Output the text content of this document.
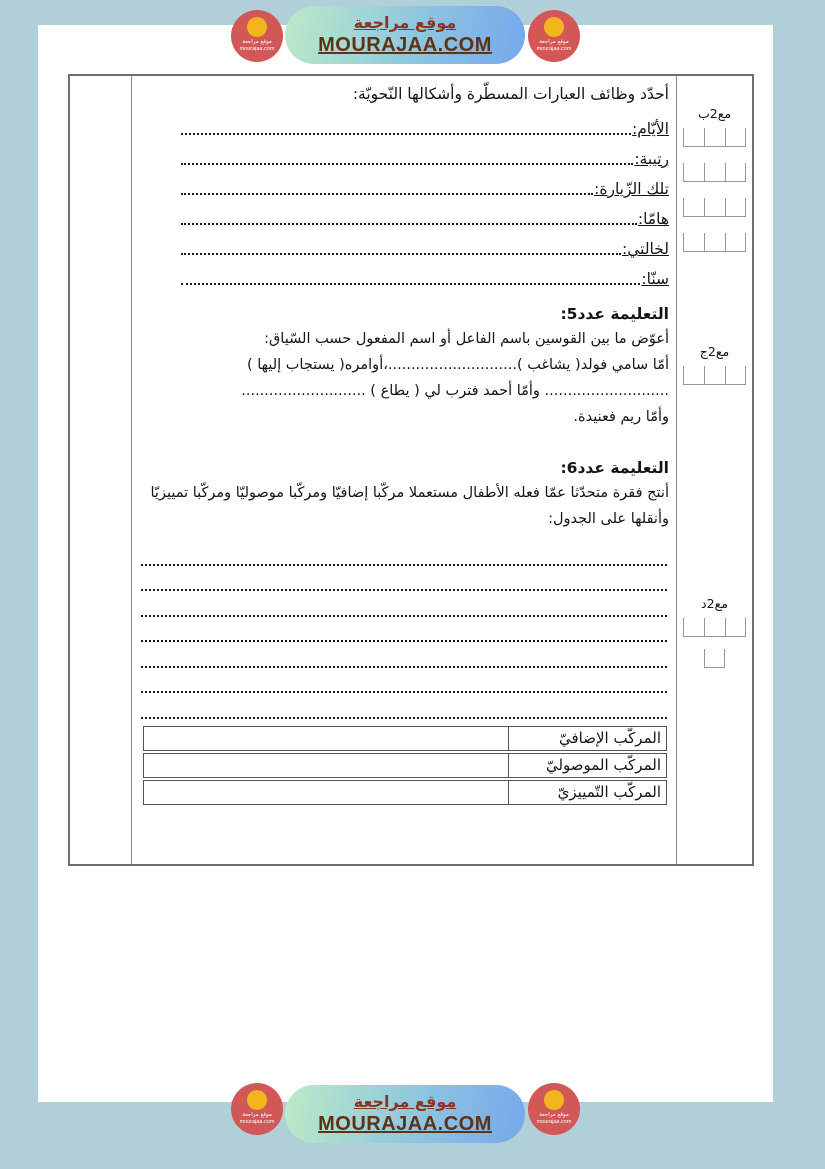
موقع مراجعة
mourajaa.com
موقع مراجعة
MOURAJAA.COM	موقع مراجعة
mourajaa.com
أحدّد وظائف العبارات المسطّرة وأشكالها النّحويّة:
الأيّام:
رتيبة:
تلك الزّيارة:
هامّا:
لخالتي:
سنّا:
التعليمة عدد5:
أعوّض ما بين القوسين باسم الفاعل أو اسم المفعول حسب السّياق:
أمّا سامي فولد( يشاغب )............................،أوامره( يستجاب إليها )
........................... وأمّا أحمد فترب لي ( يطاع ) ...........................
وأمّا ريم فعنيدة.
التعليمة عدد6:
أنتج فقرة متحدّثا عمّا فعله الأطفال مستعملا مركّبا إضافيّا ومركّبا موصوليّا ومركّبا تمييزيّا وأنقلها على الجدول:
المركّب الإضافيّ
المركّب الموصوليّ
المركّب التّمييزيّ
مع2ب
مع2ج
مع2د
موقع مراجعة
mourajaa.com
موقع مراجعة
MOURAJAA.COM	موقع مراجعة
mourajaa.com
